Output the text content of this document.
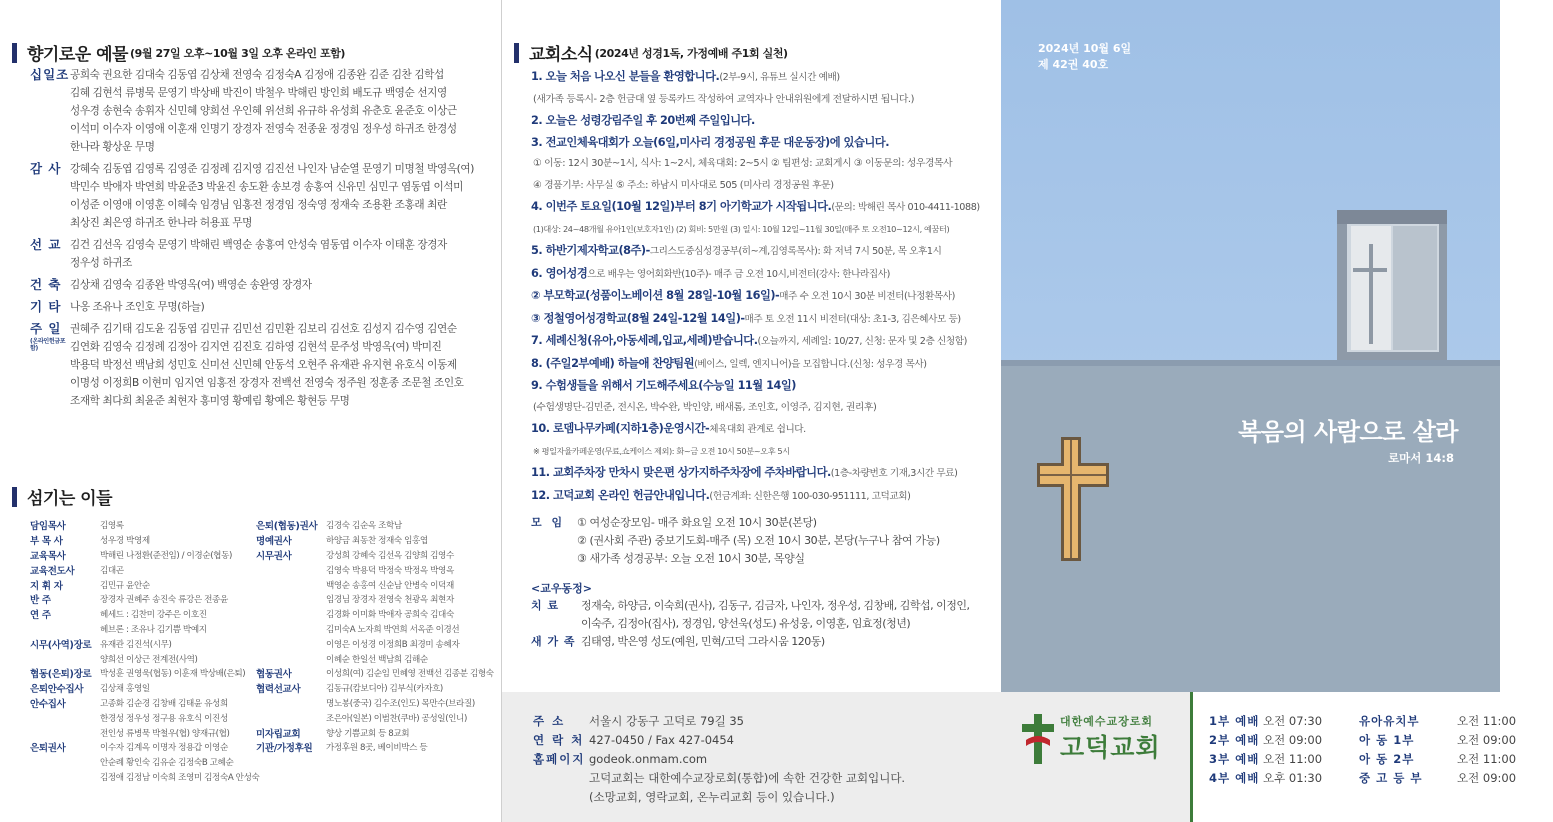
향기로운 예물 (9월 27일 오후~10월 3일 오후 온라인 포함)
십일조 공희숙 권요한 김대숙 김동엽 김상채 전영숙 김정숙A 김정애 김종완 김준 김찬 김학섭
김혜 김현석 류병묵 문영기 박상배 박진이 박철우 박해린 방인희 배도규 백영순 선지영
성우경 송현숙 송휘자 신민혜 양희선 우인혜 위선희 유규하 유성희 유춘호 윤준호 이상근
이석미 이수자 이영애 이훈재 인명기 장경자 전영숙 전종윤 정경임 정우성 하귀조 한경성
한나라 황상운 무명
감 사 강혜숙 김동엽 김영록 김영준 김정례 김지영 김진선 나인자 남순열 문영기 미명철 박영옥(여)
박민수 박애자 박연희 박윤준3 박윤진 송도환 송보경 송홍여 신유민 심민구 염동엽 이석미
이성준 이영애 이영훈 이혜숙 임경님 임홍전 정경임 정숙영 정재숙 조용환 조홍래 최란
최상진 최은영 하귀조 한나라 허용표 무명
선 교 김건 김선옥 김영숙 문영기 박해린 백영순 송홍여 안성숙 염동엽 이수자 이태훈 장경자
정우성 하귀조
건 축 김상채 김영숙 김종완 박영옥(여) 백영순 송완영 장경자
기 타 나옹 조유나 조인호 무명(하늘)
주 일
(온라인헌금포함)
권혜주 김기태 김도윤 김동엽 김민규 김민선 김민환 김보리 김선호 김성지 김수영 김연순
김연화 김영숙 김정례 김정아 김지연 김진호 김하영 김현석 문주성 박영옥(여) 박미진
박용덕 박정선 백남희 성민호 신미선 신민혜 안동석 오현주 유재관 유지현 유호식 이동제
이명성 이정희B 이현미 임지연 임홍전 장경자 전백선 전영숙 정주원 정훈종 조문철 조인호
조재학 최다희 최윤준 최현자 홍미영 황예림 황예은 황현등 무명
섬기는 이들
담임목사	김영록
부 목 사	성우경 박영제
교육목사	박해린 나정환(준전임) / 이경순(협동)
교육전도사	김대곤
지 휘 자	김민규 윤안순
반 주	장경자 권혜주 송진숙 류강은 전종윤
연 주	헤세드 : 김찬미 강주은 이호진
헤브론 : 조유나 김기쁨 박예지
시무(사역)장로	유재관 김진석(시무)
양희선 이상근 전계전(사역)
협동(은퇴)장로	박성훈 권영욱(협동) 이훈재 박상배(은퇴)
은퇴안수집사	김상채 홍영일
안수집사	고종화 김순경 김창배 김태윤 유성희
한경성 정우성 정구용 유호식 이진성
전인성 류병묵 박철우(협) 양재규(협)
은퇴권사	이수자 김계옥 이명자 정용갑 이영순
안순례 황인숙 김유순 김정숙B 고혜순
김정애 김정남 이숙희 조영미 김정숙A 안성숙
은퇴(협동)권사	김경숙 김순옥 조학남
명예권사	하양금 최동찬 정재숙 임홍엽
시무권사	강성희 강혜숙 김선옥 김양희 김영수
김영숙 박용덕 박정숙 박정옥 박영옥
백영순 송홍여 신순남 안병숙 이덕재
임경님 장경자 전영숙 천광옥 최현자
김경화 이미화 박애자 공희숙 김대숙
김미숙A 노자희 박연희 서옥준 이경선
이영은 이성경 이정희B 최경미 송혜자
이혜순 한일선 백남희 김해순
협동권사	이성희(여) 김순임 민혜영 전백선 김종분 김형숙
협력선교사	김동규(캄보디아) 김부식(카자흐)
명노봉(중국) 김수조(인도) 목만수(브라질)
조은아(일본) 이범찬(쿠바) 공성일(인니)
미자립교회	향상 기쁨교회 등 8교회
기관/가정후원	가정후원 8곳, 베이비박스 등
교회소식 (2024년 성경1독, 가정예배 주1회 실천)
1. 오늘 처음 나오신 분들을 환영합니다.(2부-9시, 유튜브 실시간 예배)
(새가족 등록시- 2층 헌금대 옆 등록카드 작성하여 교역자나 안내위원에게 전달하시면 됩니다.)
2. 오늘은 성령강림주일 후 20번째 주일입니다.
3. 전교인체육대회가 오늘(6일,미사리 경정공원 후문 대운동장)에 있습니다.
① 이동: 12시 30분~1시, 식사: 1~2시, 체육대회: 2~5시 ② 팀편성: 교회게시 ③ 이동문의: 성우경목사
④ 경품기부: 사무실 ⑤ 주소: 하남시 미사대로 505 (미사리 경정공원 후문)
4. 이번주 토요일(10월 12일)부터 8기 아기학교가 시작됩니다.(문의: 박해린 목사 010-4411-1088)
(1)대상: 24~48개월 유아1인(보호자1인) (2) 회비: 5만원 (3) 일시: 10월 12일~11월 30일(매주 토 오전10~12시, 예꿈터)
5. 하반기제자학교(8주)-그리스도중심성경공부(히~계,김영록목사): 화 저녁 7시 50분, 목 오후1시
6. 영어성경으로 배우는 영어회화반(10주)- 매주 금 오전 10시,비전터(강사: 한나라집사)
② 부모학교(성품이노베이션 8월 28일-10월 16일)-매주 수 오전 10시 30분 비전터(나정환목사)
③ 정철영어성경학교(8월 24일-12월 14일)-매주 토 오전 11시 비전터(대상: 초1-3, 김은혜사모 등)
7. 세례신청(유아,아동세례,입교,세례)받습니다.(오늘까지, 세례일: 10/27, 신청: 문자 및 2층 신청함)
8. (주일2부예배) 하늘애 찬양팀원(베이스, 일렉, 엔지니어)을 모집합니다.(신청: 성우경 목사)
9. 수험생들을 위해서 기도해주세요(수능일 11월 14일)
(수험생명단-김민준, 전시온, 박수완, 박인양, 배새롬, 조인호, 이영주, 김지현, 권리후)
10. 로뎀나무카페(지하1층)운영시간-체육대회 관계로 쉽니다.
※ 평일자율카페운영(무료,쇼케이스 제외): 화~금 오전 10시 50분~오후 5시
11. 교회주차장 만차시 맞은편 상가지하주차장에 주차바랍니다.(1층-차량번호 기재,3시간 무료)
12. 고덕교회 온라인 헌금안내입니다.(헌금계좌: 신한은행 100-030-951111, 고덕교회)
모 임	① 여성순장모임- 매주 화요일 오전 10시 30분(본당)
② (권사회 주관) 중보기도회-매주 (목) 오전 10시 30분, 본당(누구나 참여 가능)
③ 새가족 성경공부: 오늘 오전 10시 30분, 목양실
<교우동정>
치 료	정재숙, 하양금, 이숙희(권사), 김동구, 김금자, 나인자, 정우성, 김창배, 김학섭, 이정인,
이숙주, 김정아(집사), 정경임, 양선욱(성도) 유성웅, 이영훈, 임효정(청년)
새 가 족 김태영, 박은영 성도(예원, 민혁/고덕 그라시움 120동)
2024년 10월 6일
제 42권 40호
복음의 사람으로 살라
로마서 14:8
주 소	서울시 강동구 고덕로 79길 35
연 락 처 427-0450 / Fax 427-0454
홈페이지 godeok.onmam.com
고덕교회는 대한예수교장로회(통합)에 속한 건강한 교회입니다.
(소망교회, 영락교회, 온누리교회 등이 있습니다.)
대한예수교장로회
고덕교회
1부 예배 오전 07:30	유아유치부	오전 11:00
2부 예배 오전 09:00	아 동 1부	오전 09:00
3부 예배 오전 11:00	아 동 2부	오전 11:00
4부 예배 오후 01:30	중 고 등 부	오전 09:00
